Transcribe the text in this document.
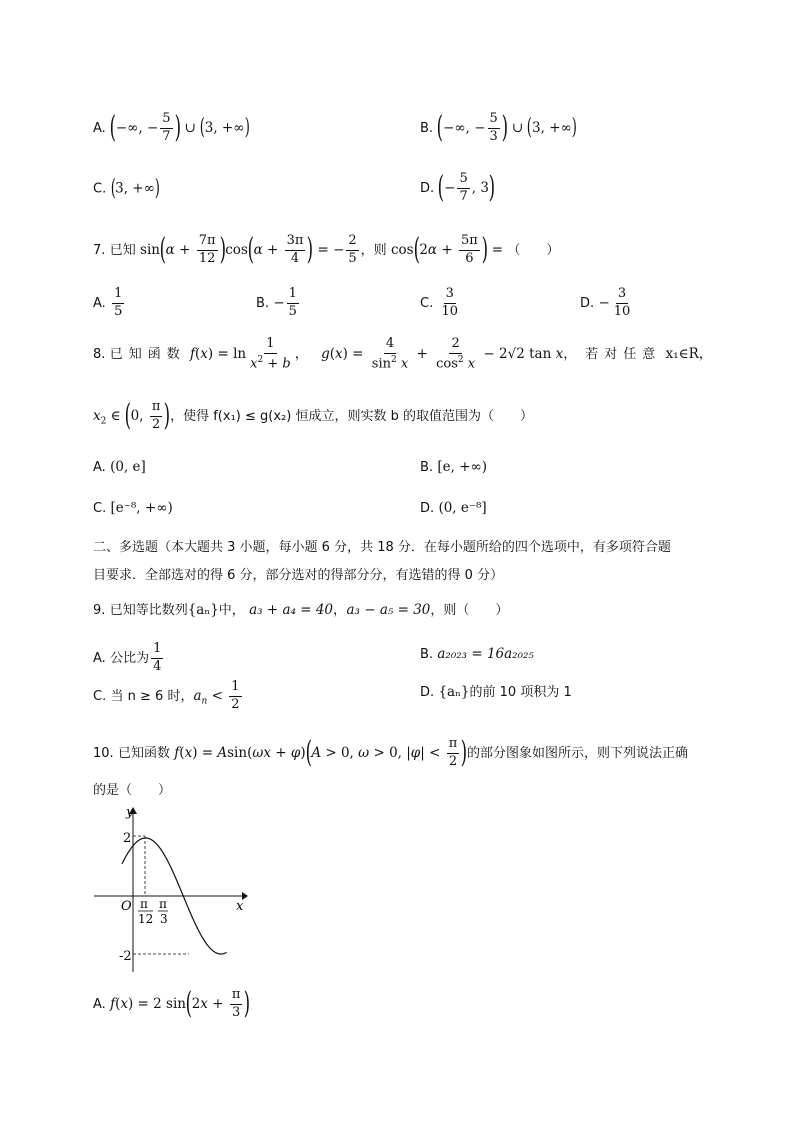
A. (−∞, − $\frac{5}{7}$ ) ∪ (3, +∞)	B. (−∞, − $\frac{5}{3}$ ) ∪ (3, +∞)
C. (3, +∞)	D. (− $\frac{5}{7}$ , 3)
7. 已知 $\sin(\alpha + \frac{7\pi}{12} )\cos(\alpha + \frac{3\pi}{4}$ ) = − $\frac{2}{5}$ ，则 $\cos(2\alpha + \frac{5\pi}{6}$ ) = （　　）
A. $\frac{1}{5}$	B. − $\frac{1}{5}$	C. $\frac{3}{10}$	D. − $\frac{3}{10}$
8. 已知函数 $f(x) = \ln \frac{1}{x^2 + b}$ ，   $g(x) = \frac{4}{\sin^2 x} + \frac{2}{\cos^2 x} - 2√2$ tan x，  若对任意 x₁∈R，
$x_2$ ∈ (0, $\frac{\pi}{2}$ )，使得 f(x₁) ≤ g(x₂) 恒成立，则实数 b 的取值范围为（　　）
A. (0, e]	B. [e, +∞)
C. [e⁻⁸, +∞)	D. (0, e⁻⁸]
二、多选题（本大题共 3 小题，每小题 6 分，共 18 分．在每小题所给的四个选项中，有多项符合题
目要求．全部选对的得 6 分，部分选对的得部分分，有选错的得 0 分）
9. 已知等比数列{aₙ}中， a₃ + a₄ = 40，a₃ − a₅ = 30，则（　　）
A. 公比为 $\frac{1}{4}$	B. a₂₀₂₃ = 16a₂₀₂₅
C. 当 n ≥ 6 时，$a_n < \frac{1}{2}$	D. {aₙ}的前 10 项积为 1
10. 已知函数 f(x) = Asin(ωx + φ)(A > 0, ω > 0, $|\varphi| < \frac{\pi}{2}$ )的部分图象如图所示，则下列说法正确
的是（　　）
y
x
O
2
-2
π
12
π
3
A. f(x) = 2 $\sin(2x + \frac{\pi}{3}$ )
